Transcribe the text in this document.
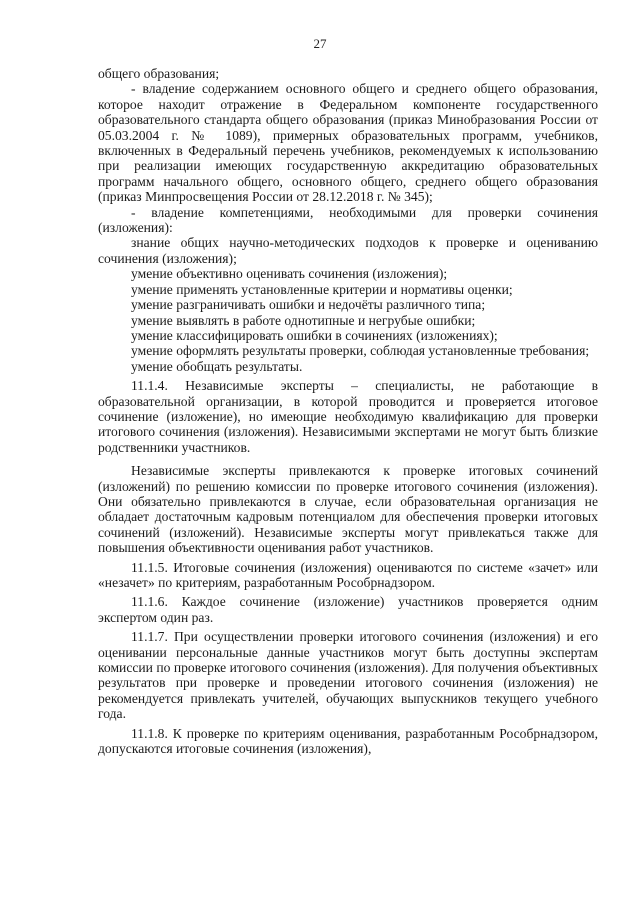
27

общего образования;

- владение содержанием основного общего и среднего общего образования, которое находит отражение в Федеральном компоненте государственного образовательного стандарта общего образования (приказ Минобразования России от 05.03.2004 г. № 1089), примерных образовательных программ, учебников, включенных в Федеральный перечень учебников, рекомендуемых к использованию при реализации имеющих государственную аккредитацию образовательных программ начального общего, основного общего, среднего общего образования (приказ Минпросвещения России от 28.12.2018 г. № 345);

- владение компетенциями, необходимыми для проверки сочинения (изложения):

знание общих научно-методических подходов к проверке и оцениванию сочинения (изложения);

умение объективно оценивать сочинения (изложения);

умение применять установленные критерии и нормативы оценки;

умение разграничивать ошибки и недочёты различного типа;

умение выявлять в работе однотипные и негрубые ошибки;

умение классифицировать ошибки в сочинениях (изложениях);

умение оформлять результаты проверки, соблюдая установленные требования;

умение обобщать результаты.

11.1.4. Независимые эксперты – специалисты, не работающие в образовательной организации, в которой проводится и проверяется итоговое сочинение (изложение), но имеющие необходимую квалификацию для проверки итогового сочинения (изложения). Независимыми экспертами не могут быть близкие родственники участников.

Независимые эксперты привлекаются к проверке итоговых сочинений (изложений) по решению комиссии по проверке итогового сочинения (изложения). Они обязательно привлекаются в случае, если образовательная организация не обладает достаточным кадровым потенциалом для обеспечения проверки итоговых сочинений (изложений). Независимые эксперты могут привлекаться также для повышения объективности оценивания работ участников.

11.1.5. Итоговые сочинения (изложения) оцениваются по системе «зачет» или «незачет» по критериям, разработанным Рособрнадзором.

11.1.6. Каждое сочинение (изложение) участников проверяется одним экспертом один раз.

11.1.7. При осуществлении проверки итогового сочинения (изложения) и его оценивании персональные данные участников могут быть доступны экспертам комиссии по проверке итогового сочинения (изложения). Для получения объективных результатов при проверке и проведении итогового сочинения (изложения) не рекомендуется привлекать учителей, обучающих выпускников текущего учебного года.

11.1.8. К проверке по критериям оценивания, разработанным Рособрнадзором, допускаются итоговые сочинения (изложения),
